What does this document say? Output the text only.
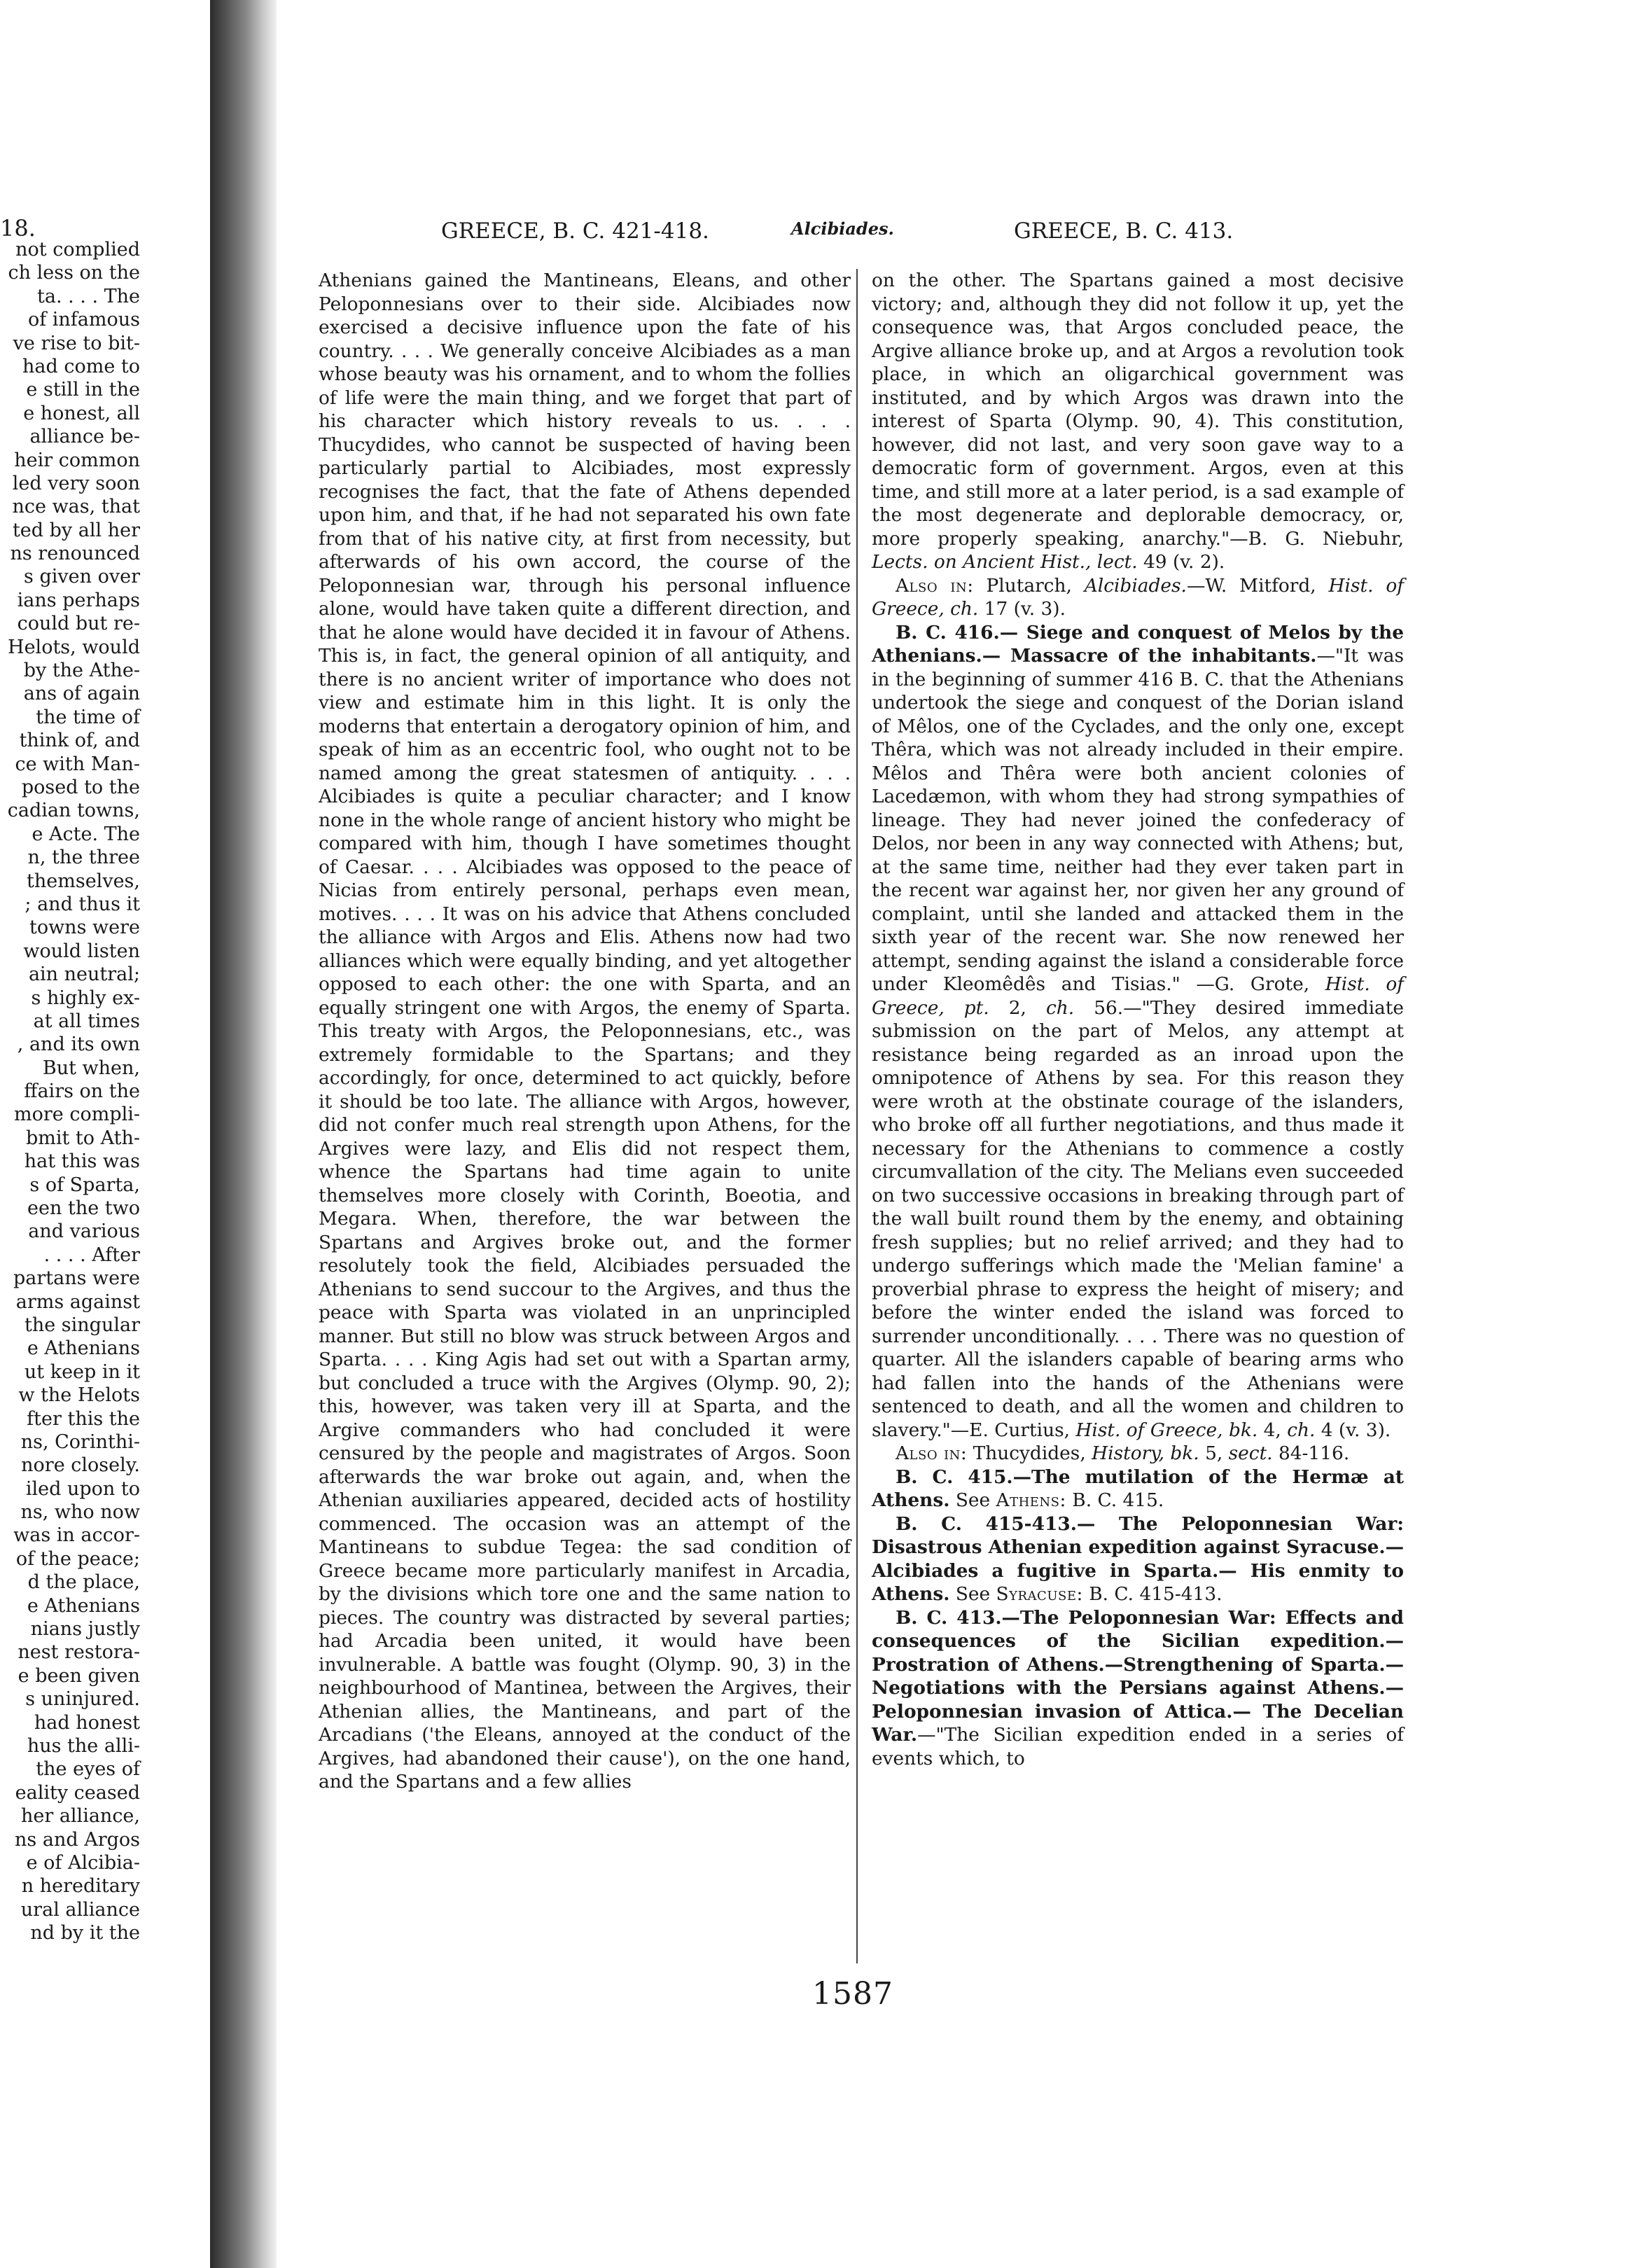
18.
not complied
ch less on the
ta. . . . The
of infamous
ve rise to bit-
had come to
e still in the
e honest, all
alliance be-
heir common
led very soon
nce was, that
ted by all her
ns renounced
s given over
ians perhaps
could but re-
Helots, would
by the Athe-
ans of again
the time of
think of, and
ce with Man-
posed to the
cadian towns,
e Acte. The
n, the three
themselves,
; and thus it
towns were
would listen
ain neutral;
s highly ex-
at all times
, and its own
But when,
ffairs on the
more compli-
bmit to Ath-
hat this was
s of Sparta,
een the two
and various
. . . . After
partans were
arms against
the singular
e Athenians
ut keep in it
w the Helots
fter this the
ns, Corinthi-
nore closely.
iled upon to
ns, who now
was in accor-
of the peace;
d the place,
e Athenians
nians justly
nest restora-
e been given
s uninjured.
had honest
hus the alli-
the eyes of
eality ceased
her alliance,
ns and Argos
e of Alcibia-
n hereditary
ural alliance
nd by it the
GREECE, B. C. 421-418.	Alcibiades.	GREECE, B. C. 413.

Athenians gained the Mantineans, Eleans, and other Peloponnesians over to their side. Alcibiades now exercised a decisive influence upon the fate of his country. . . . We generally conceive Alcibiades as a man whose beauty was his ornament, and to whom the follies of life were the main thing, and we forget that part of his character which history reveals to us. . . . Thucydides, who cannot be suspected of having been particularly partial to Alcibiades, most expressly recognises the fact, that the fate of Athens depended upon him, and that, if he had not separated his own fate from that of his native city, at first from necessity, but afterwards of his own accord, the course of the Peloponnesian war, through his personal influence alone, would have taken quite a different direction, and that he alone would have decided it in favour of Athens. This is, in fact, the general opinion of all antiquity, and there is no ancient writer of importance who does not view and estimate him in this light. It is only the moderns that entertain a derogatory opinion of him, and speak of him as an eccentric fool, who ought not to be named among the great statesmen of antiquity. . . . Alcibiades is quite a peculiar character; and I know none in the whole range of ancient history who might be compared with him, though I have sometimes thought of Caesar. . . . Alcibiades was opposed to the peace of Nicias from entirely personal, perhaps even mean, motives. . . . It was on his advice that Athens concluded the alliance with Argos and Elis. Athens now had two alliances which were equally binding, and yet altogether opposed to each other: the one with Sparta, and an equally stringent one with Argos, the enemy of Sparta. This treaty with Argos, the Peloponnesians, etc., was extremely formidable to the Spartans; and they accordingly, for once, determined to act quickly, before it should be too late. The alliance with Argos, however, did not confer much real strength upon Athens, for the Argives were lazy, and Elis did not respect them, whence the Spartans had time again to unite themselves more closely with Corinth, Boeotia, and Megara. When, therefore, the war between the Spartans and Argives broke out, and the former resolutely took the field, Alcibiades persuaded the Athenians to send succour to the Argives, and thus the peace with Sparta was violated in an unprincipled manner. But still no blow was struck between Argos and Sparta. . . . King Agis had set out with a Spartan army, but concluded a truce with the Argives (Olymp. 90, 2); this, however, was taken very ill at Sparta, and the Argive commanders who had concluded it were censured by the people and magistrates of Argos. Soon afterwards the war broke out again, and, when the Athenian auxiliaries appeared, decided acts of hostility commenced. The occasion was an attempt of the Mantineans to subdue Tegea: the sad condition of Greece became more particularly manifest in Arcadia, by the divisions which tore one and the same nation to pieces. The country was distracted by several parties; had Arcadia been united, it would have been invulnerable. A battle was fought (Olymp. 90, 3) in the neighbourhood of Mantinea, between the Argives, their Athenian allies, the Mantineans, and part of the Arcadians ('the Eleans, annoyed at the conduct of the Argives, had abandoned their cause'), on the one hand, and the Spartans and a few allies

on the other. The Spartans gained a most decisive victory; and, although they did not follow it up, yet the consequence was, that Argos concluded peace, the Argive alliance broke up, and at Argos a revolution took place, in which an oligarchical government was instituted, and by which Argos was drawn into the interest of Sparta (Olymp. 90, 4). This constitution, however, did not last, and very soon gave way to a democratic form of government. Argos, even at this time, and still more at a later period, is a sad example of the most degenerate and deplorable democracy, or, more properly speaking, anarchy."—B. G. Niebuhr, Lects. on Ancient Hist., lect. 49 (v. 2).

Also in: Plutarch, Alcibiades.—W. Mitford, Hist. of Greece, ch. 17 (v. 3).

B. C. 416.— Siege and conquest of Melos by the Athenians.— Massacre of the inhabitants.—"It was in the beginning of summer 416 B. C. that the Athenians undertook the siege and conquest of the Dorian island of Mêlos, one of the Cyclades, and the only one, except Thêra, which was not already included in their empire. Mêlos and Thêra were both ancient colonies of Lacedæmon, with whom they had strong sympathies of lineage. They had never joined the confederacy of Delos, nor been in any way connected with Athens; but, at the same time, neither had they ever taken part in the recent war against her, nor given her any ground of complaint, until she landed and attacked them in the sixth year of the recent war. She now renewed her attempt, sending against the island a considerable force under Kleomêdês and Tisias." —G. Grote, Hist. of Greece, pt. 2, ch. 56.—"They desired immediate submission on the part of Melos, any attempt at resistance being regarded as an inroad upon the omnipotence of Athens by sea. For this reason they were wroth at the obstinate courage of the islanders, who broke off all further negotiations, and thus made it necessary for the Athenians to commence a costly circumvallation of the city. The Melians even succeeded on two successive occasions in breaking through part of the wall built round them by the enemy, and obtaining fresh supplies; but no relief arrived; and they had to undergo sufferings which made the 'Melian famine' a proverbial phrase to express the height of misery; and before the winter ended the island was forced to surrender unconditionally. . . . There was no question of quarter. All the islanders capable of bearing arms who had fallen into the hands of the Athenians were sentenced to death, and all the women and children to slavery."—E. Curtius, Hist. of Greece, bk. 4, ch. 4 (v. 3).

Also in: Thucydides, History, bk. 5, sect. 84-116.

B. C. 415.—The mutilation of the Hermæ at Athens. See Athens: B. C. 415.

B. C. 415-413.— The Peloponnesian War: Disastrous Athenian expedition against Syracuse.—Alcibiades a fugitive in Sparta.— His enmity to Athens. See Syracuse: B. C. 415-413.

B. C. 413.—The Peloponnesian War: Effects and consequences of the Sicilian expedition.—Prostration of Athens.—Strengthening of Sparta.— Negotiations with the Persians against Athens.— Peloponnesian invasion of Attica.— The Decelian War.—"The Sicilian expedition ended in a series of events which, to

1587
